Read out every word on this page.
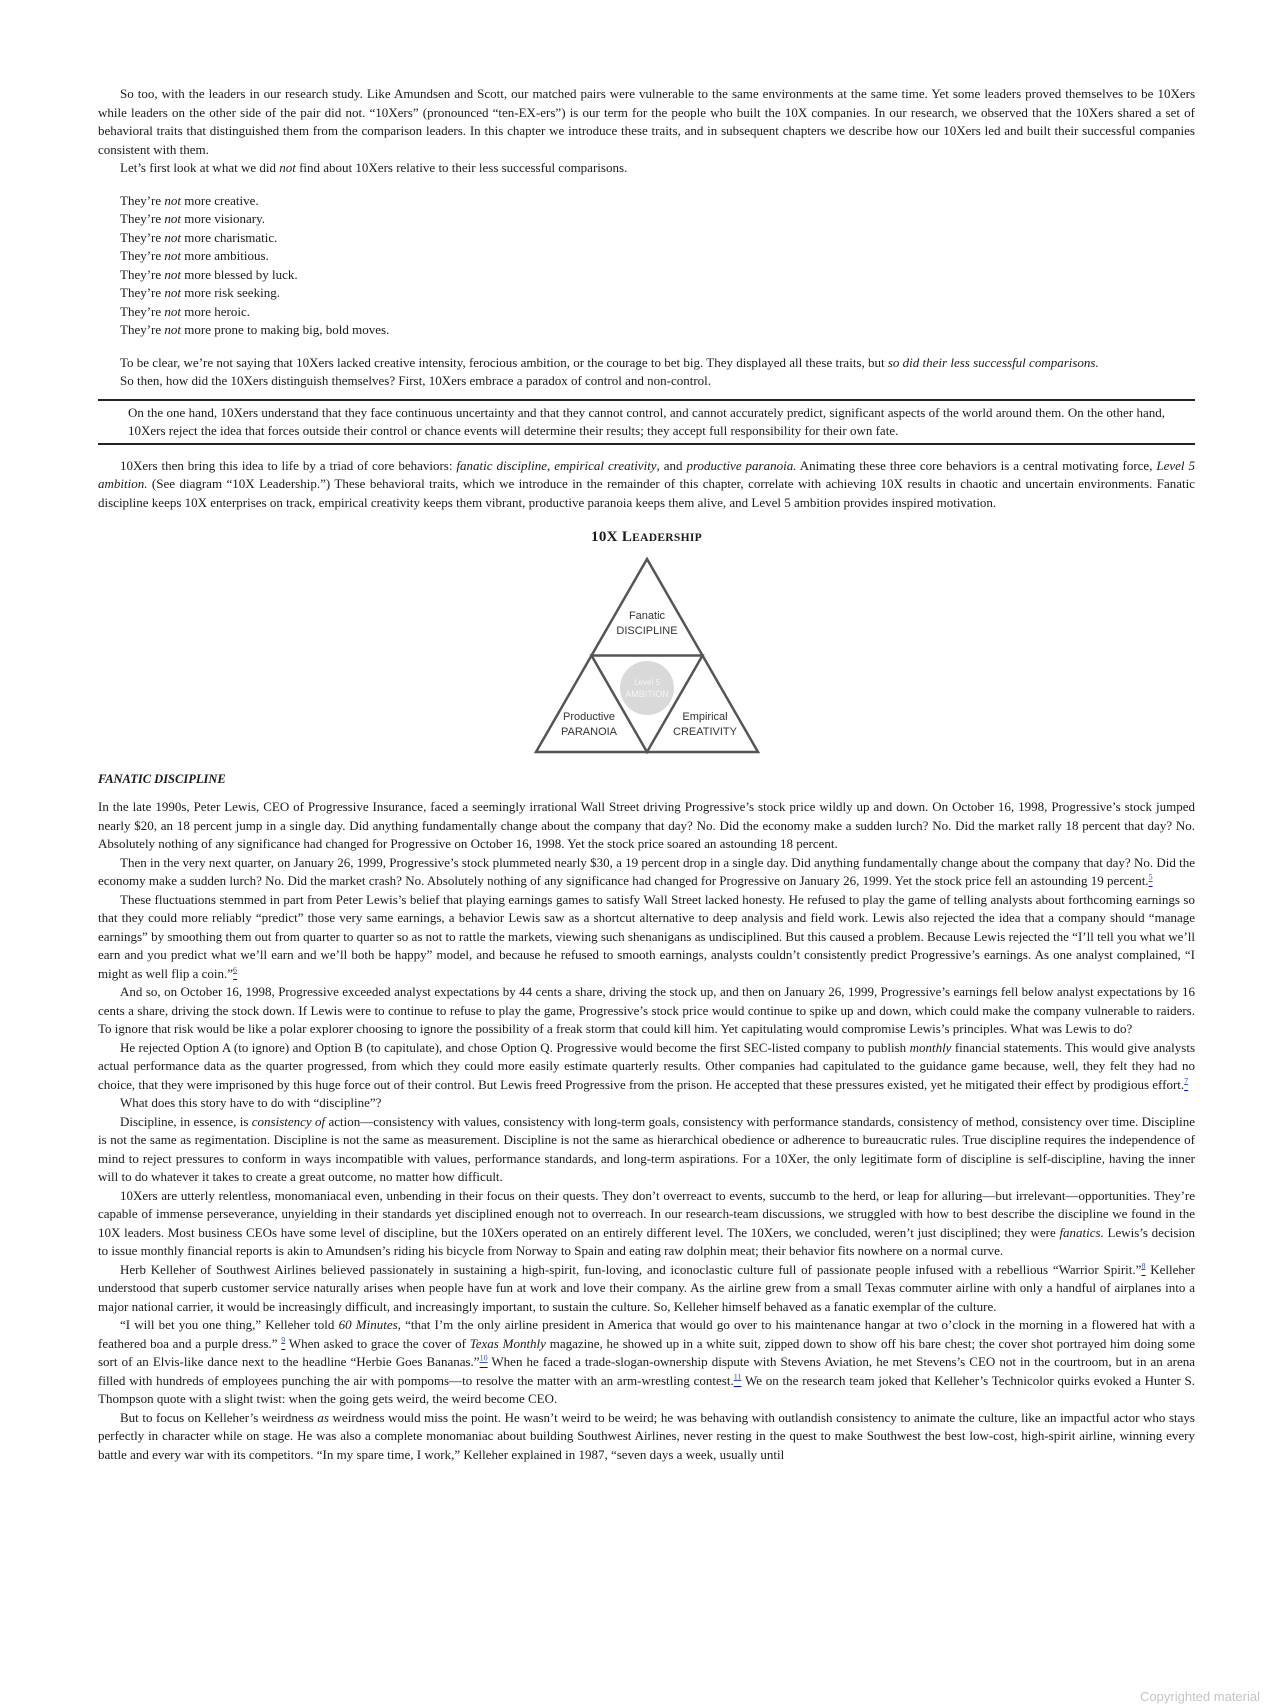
So too, with the leaders in our research study. Like Amundsen and Scott, our matched pairs were vulnerable to the same environments at the same time. Yet some leaders proved themselves to be 10Xers while leaders on the other side of the pair did not. “10Xers” (pronounced “ten-EX-ers”) is our term for the people who built the 10X companies. In our research, we observed that the 10Xers shared a set of behavioral traits that distinguished them from the comparison leaders. In this chapter we introduce these traits, and in subsequent chapters we describe how our 10Xers led and built their successful companies consistent with them.

Let’s first look at what we did not find about 10Xers relative to their less successful comparisons.

They’re not more creative.
They’re not more visionary.
They’re not more charismatic.
They’re not more ambitious.
They’re not more blessed by luck.
They’re not more risk seeking.
They’re not more heroic.
They’re not more prone to making big, bold moves.

To be clear, we’re not saying that 10Xers lacked creative intensity, ferocious ambition, or the courage to bet big. They displayed all these traits, but so did their less successful comparisons.

So then, how did the 10Xers distinguish themselves? First, 10Xers embrace a paradox of control and non-control.

On the one hand, 10Xers understand that they face continuous uncertainty and that they cannot control, and cannot accurately predict, significant aspects of the world around them. On the other hand, 10Xers reject the idea that forces outside their control or chance events will determine their results; they accept full responsibility for their own fate.

10Xers then bring this idea to life by a triad of core behaviors: fanatic discipline, empirical creativity, and productive paranoia. Animating these three core behaviors is a central motivating force, Level 5 ambition. (See diagram “10X Leadership.”) These behavioral traits, which we introduce in the remainder of this chapter, correlate with achieving 10X results in chaotic and uncertain environments. Fanatic discipline keeps 10X enterprises on track, empirical creativity keeps them vibrant, productive paranoia keeps them alive, and Level 5 ambition provides inspired motivation.

10X LEADERSHIP
Level 5
AMBITION
Fanatic
DISCIPLINE
Productive
PARANOIA
Empirical
CREATIVITY
FANATIC DISCIPLINE

In the late 1990s, Peter Lewis, CEO of Progressive Insurance, faced a seemingly irrational Wall Street driving Progressive’s stock price wildly up and down. On October 16, 1998, Progressive’s stock jumped nearly $20, an 18 percent jump in a single day. Did anything fundamentally change about the company that day? No. Did the economy make a sudden lurch? No. Did the market rally 18 percent that day? No. Absolutely nothing of any significance had changed for Progressive on October 16, 1998. Yet the stock price soared an astounding 18 percent.

Then in the very next quarter, on January 26, 1999, Progressive’s stock plummeted nearly $30, a 19 percent drop in a single day. Did anything fundamentally change about the company that day? No. Did the economy make a sudden lurch? No. Did the market crash? No. Absolutely nothing of any significance had changed for Progressive on January 26, 1999. Yet the stock price fell an astounding 19 percent.$^5$

These fluctuations stemmed in part from Peter Lewis’s belief that playing earnings games to satisfy Wall Street lacked honesty. He refused to play the game of telling analysts about forthcoming earnings so that they could more reliably “predict” those very same earnings, a behavior Lewis saw as a shortcut alternative to deep analysis and field work. Lewis also rejected the idea that a company should “manage earnings” by smoothing them out from quarter to quarter so as not to rattle the markets, viewing such shenanigans as undisciplined. But this caused a problem. Because Lewis rejected the “I’ll tell you what we’ll earn and you predict what we’ll earn and we’ll both be happy” model, and because he refused to smooth earnings, analysts couldn’t consistently predict Progressive’s earnings. As one analyst complained, “I might as well flip a coin.”$^6$

And so, on October 16, 1998, Progressive exceeded analyst expectations by 44 cents a share, driving the stock up, and then on January 26, 1999, Progressive’s earnings fell below analyst expectations by 16 cents a share, driving the stock down. If Lewis were to continue to refuse to play the game, Progressive’s stock price would continue to spike up and down, which could make the company vulnerable to raiders. To ignore that risk would be like a polar explorer choosing to ignore the possibility of a freak storm that could kill him. Yet capitulating would compromise Lewis’s principles. What was Lewis to do?

He rejected Option A (to ignore) and Option B (to capitulate), and chose Option Q. Progressive would become the first SEC-listed company to publish monthly financial statements. This would give analysts actual performance data as the quarter progressed, from which they could more easily estimate quarterly results. Other companies had capitulated to the guidance game because, well, they felt they had no choice, that they were imprisoned by this huge force out of their control. But Lewis freed Progressive from the prison. He accepted that these pressures existed, yet he mitigated their effect by prodigious effort.$^7$

What does this story have to do with “discipline”?

Discipline, in essence, is consistency of action—consistency with values, consistency with long-term goals, consistency with performance standards, consistency of method, consistency over time. Discipline is not the same as regimentation. Discipline is not the same as measurement. Discipline is not the same as hierarchical obedience or adherence to bureaucratic rules. True discipline requires the independence of mind to reject pressures to conform in ways incompatible with values, performance standards, and long-term aspirations. For a 10Xer, the only legitimate form of discipline is self-discipline, having the inner will to do whatever it takes to create a great outcome, no matter how difficult.

10Xers are utterly relentless, monomaniacal even, unbending in their focus on their quests. They don’t overreact to events, succumb to the herd, or leap for alluring—but irrelevant—opportunities. They’re capable of immense perseverance, unyielding in their standards yet disciplined enough not to overreach. In our research-team discussions, we struggled with how to best describe the discipline we found in the 10X leaders. Most business CEOs have some level of discipline, but the 10Xers operated on an entirely different level. The 10Xers, we concluded, weren’t just disciplined; they were fanatics. Lewis’s decision to issue monthly financial reports is akin to Amundsen’s riding his bicycle from Norway to Spain and eating raw dolphin meat; their behavior fits nowhere on a normal curve.

Herb Kelleher of Southwest Airlines believed passionately in sustaining a high-spirit, fun-loving, and iconoclastic culture full of passionate people infused with a rebellious “Warrior Spirit.”$^8$ Kelleher understood that superb customer service naturally arises when people have fun at work and love their company. As the airline grew from a small Texas commuter airline with only a handful of airplanes into a major national carrier, it would be increasingly difficult, and increasingly important, to sustain the culture. So, Kelleher himself behaved as a fanatic exemplar of the culture.

“I will bet you one thing,” Kelleher told 60 Minutes, “that I’m the only airline president in America that would go over to his maintenance hangar at two o’clock in the morning in a flowered hat with a feathered boa and a purple dress.” $^9$ When asked to grace the cover of Texas Monthly magazine, he showed up in a white suit, zipped down to show off his bare chest; the cover shot portrayed him doing some sort of an Elvis-like dance next to the headline “Herbie Goes Bananas.”$^{10}$ When he faced a trade-slogan-ownership dispute with Stevens Aviation, he met Stevens’s CEO not in the courtroom, but in an arena filled with hundreds of employees punching the air with pompoms—to resolve the matter with an arm-wrestling contest.$^{11}$ We on the research team joked that Kelleher’s Technicolor quirks evoked a Hunter S. Thompson quote with a slight twist: when the going gets weird, the weird become CEO.

But to focus on Kelleher’s weirdness as weirdness would miss the point. He wasn’t weird to be weird; he was behaving with outlandish consistency to animate the culture, like an impactful actor who stays perfectly in character while on stage. He was also a complete monomaniac about building Southwest Airlines, never resting in the quest to make Southwest the best low-cost, high-spirit airline, winning every battle and every war with its competitors. “In my spare time, I work,” Kelleher explained in 1987, “seven days a week, usually until

Copyrighted material
